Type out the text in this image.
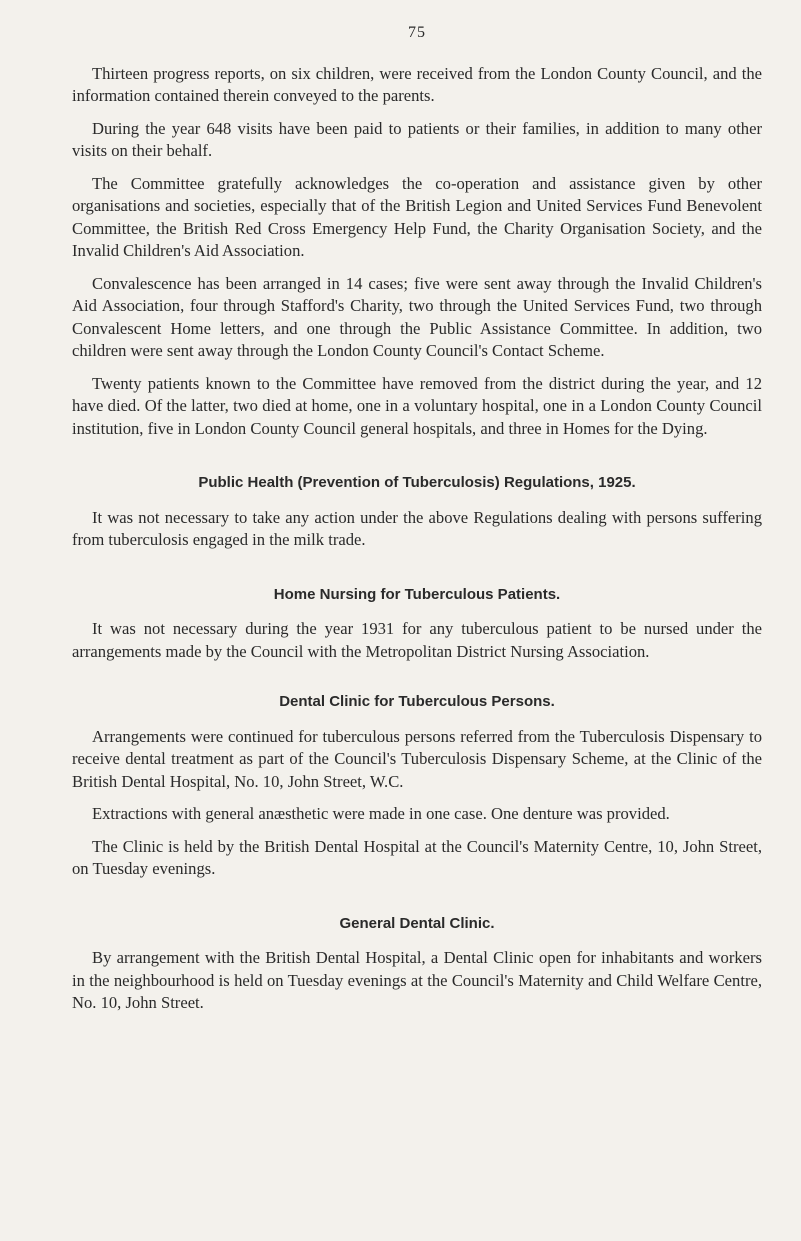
75

Thirteen progress reports, on six children, were received from the London County Council, and the information contained therein conveyed to the parents.

During the year 648 visits have been paid to patients or their families, in addition to many other visits on their behalf.

The Committee gratefully acknowledges the co-operation and assistance given by other organisations and societies, especially that of the British Legion and United Services Fund Benevolent Committee, the British Red Cross Emergency Help Fund, the Charity Organisation Society, and the Invalid Children's Aid Association.

Convalescence has been arranged in 14 cases; five were sent away through the Invalid Children's Aid Association, four through Stafford's Charity, two through the United Services Fund, two through Convalescent Home letters, and one through the Public Assistance Committee. In addition, two children were sent away through the London County Council's Contact Scheme.

Twenty patients known to the Committee have removed from the district during the year, and 12 have died. Of the latter, two died at home, one in a voluntary hospital, one in a London County Council institution, five in London County Council general hospitals, and three in Homes for the Dying.

Public Health (Prevention of Tuberculosis) Regulations, 1925.

It was not necessary to take any action under the above Regulations dealing with persons suffering from tuberculosis engaged in the milk trade.

Home Nursing for Tuberculous Patients.

It was not necessary during the year 1931 for any tuberculous patient to be nursed under the arrangements made by the Council with the Metropolitan District Nursing Association.

Dental Clinic for Tuberculous Persons.

Arrangements were continued for tuberculous persons referred from the Tuberculosis Dispensary to receive dental treatment as part of the Council's Tuberculosis Dispensary Scheme, at the Clinic of the British Dental Hospital, No. 10, John Street, W.C.

Extractions with general anæsthetic were made in one case. One denture was provided.

The Clinic is held by the British Dental Hospital at the Council's Maternity Centre, 10, John Street, on Tuesday evenings.

General Dental Clinic.

By arrangement with the British Dental Hospital, a Dental Clinic open for inhabitants and workers in the neighbourhood is held on Tuesday evenings at the Council's Maternity and Child Welfare Centre, No. 10, John Street.
